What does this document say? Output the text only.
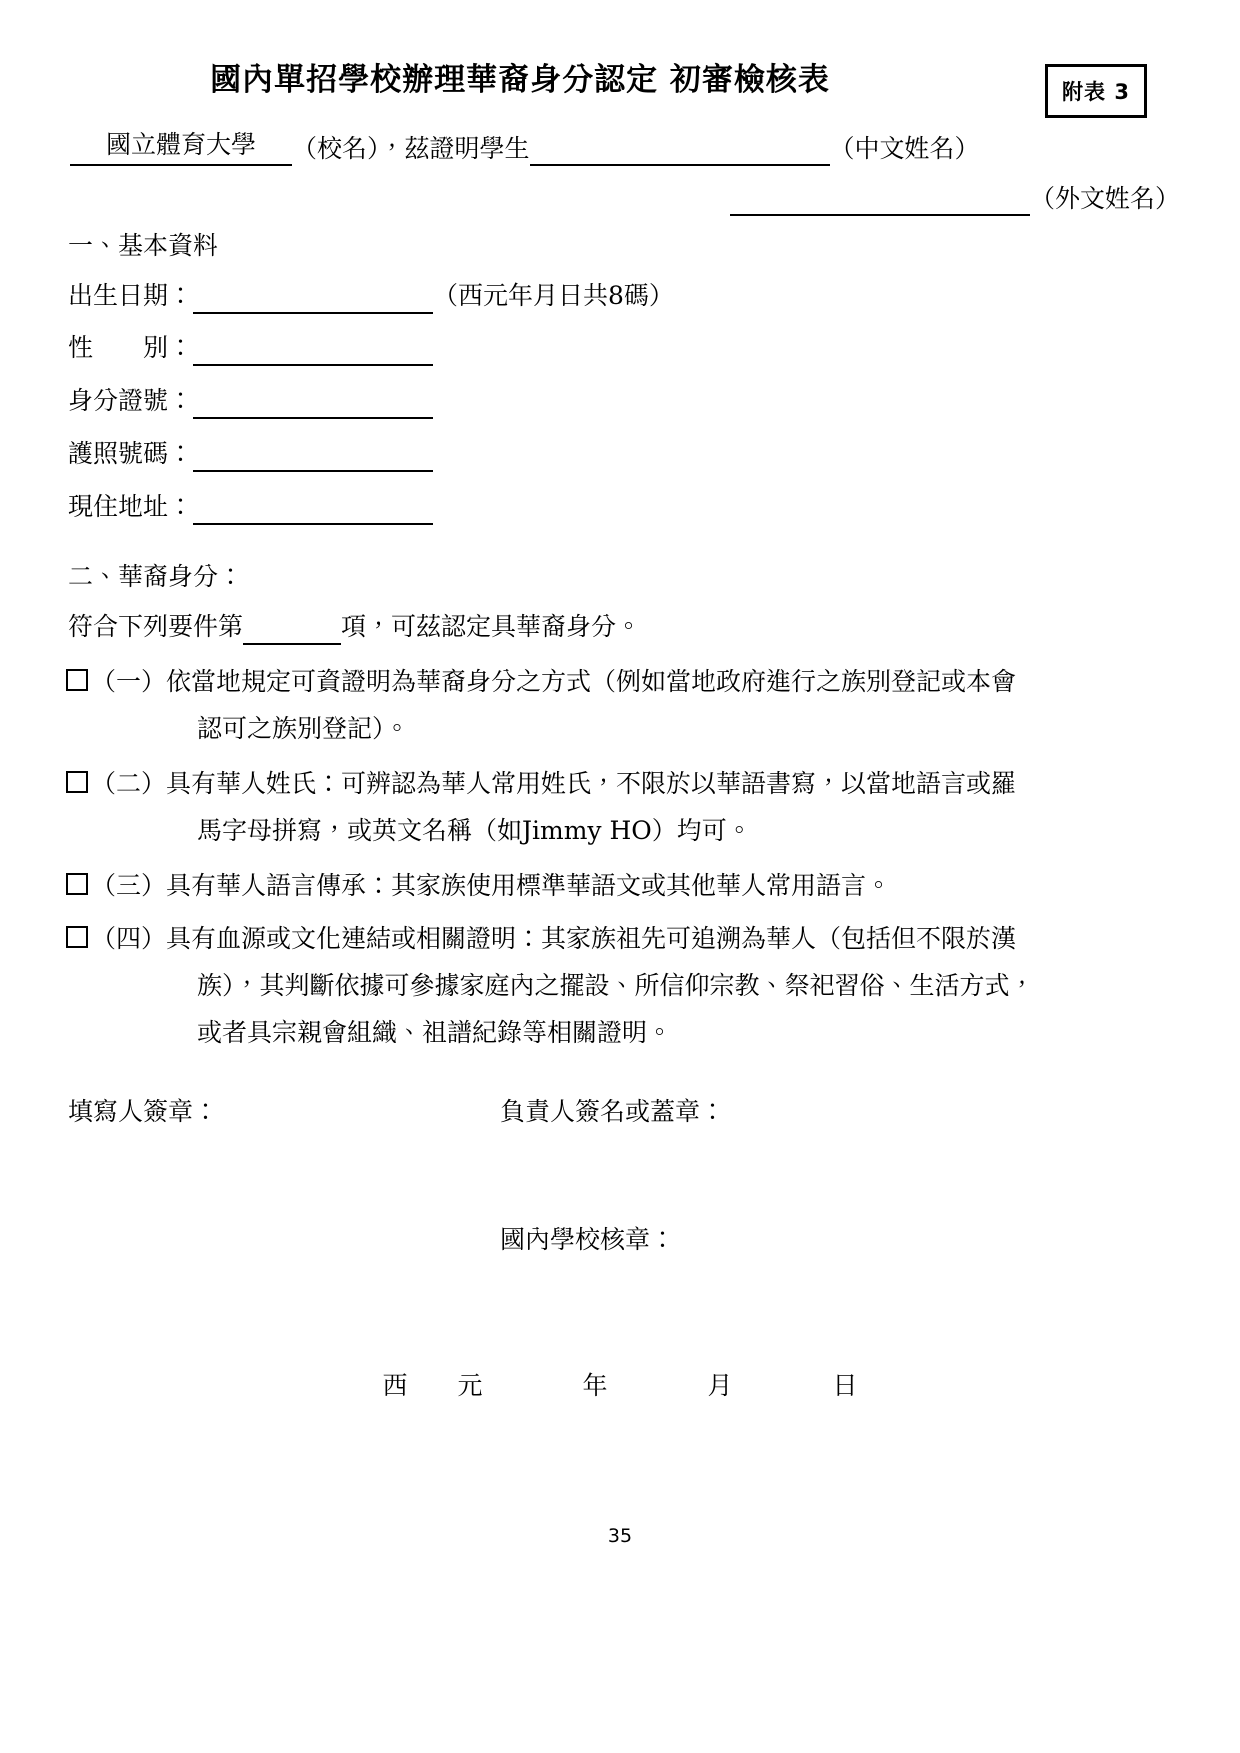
國內單招學校辦理華裔身分認定 初審檢核表	附表 3
國立體育大學	（校名），茲證明學生	（中文姓名）
（外文姓名）
一、基本資料
出生日期：	（西元年月日共8碼）
性　　別：
身分證號：
護照號碼：
現住地址：
二、華裔身分：
符合下列要件第	項，可茲認定具華裔身分。

（一）依當地規定可資證明為華裔身分之方式（例如當地政府進行之族別登記或本會

認可之族別登記）。

（二）具有華人姓氏：可辨認為華人常用姓氏，不限於以華語書寫，以當地語言或羅

馬字母拼寫，或英文名稱（如Jimmy HO）均可。

（三）具有華人語言傳承：其家族使用標準華語文或其他華人常用語言。

（四）具有血源或文化連結或相關證明：其家族祖先可追溯為華人（包括但不限於漢

族），其判斷依據可參據家庭內之擺設、所信仰宗教、祭祀習俗、生活方式，

或者具宗親會組織、祖譜紀錄等相關證明。

填寫人簽章：	負責人簽名或蓋章：
國內學校核章：
西　　元　　　　年　　　　月　　　　日
35
